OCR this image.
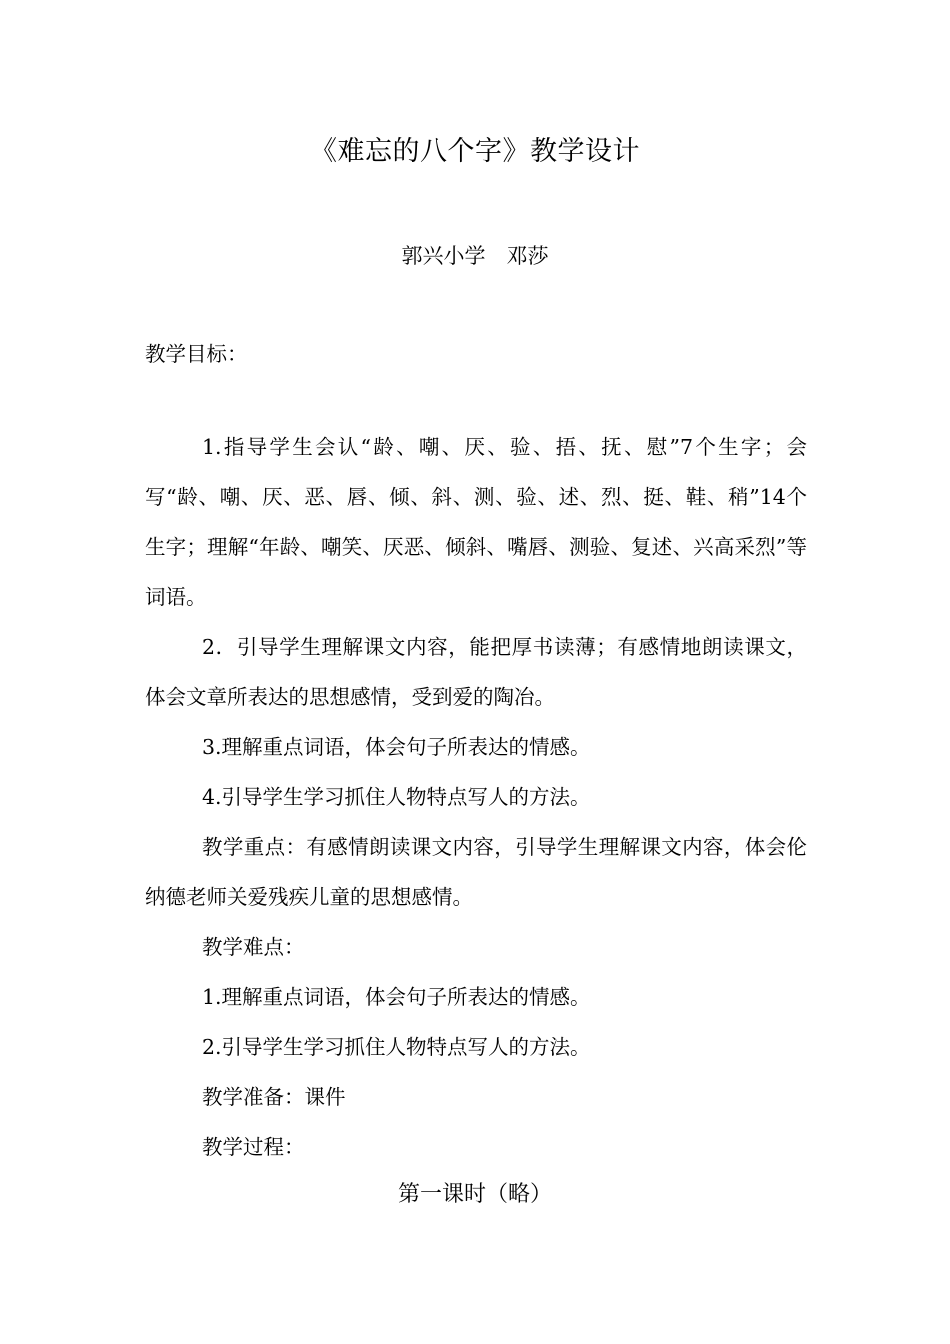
《难忘的八个字》教学设计
郭兴小学　邓莎
教学目标：
1.指导学生会认“龄、嘲、厌、验、捂、抚、慰”7个生字；会写“龄、嘲、厌、恶、唇、倾、斜、测、验、述、烈、挺、鞋、稍”14个生字；理解“年龄、嘲笑、厌恶、倾斜、嘴唇、测验、复述、兴高采烈”等词语。
2．引导学生理解课文内容，能把厚书读薄；有感情地朗读课文，体会文章所表达的思想感情，受到爱的陶冶。
3.理解重点词语，体会句子所表达的情感。
4.引导学生学习抓住人物特点写人的方法。
教学重点：有感情朗读课文内容，引导学生理解课文内容，体会伦纳德老师关爱残疾儿童的思想感情。
教学难点：
1.理解重点词语，体会句子所表达的情感。
2.引导学生学习抓住人物特点写人的方法。
教学准备：课件
教学过程：
第一课时（略）
